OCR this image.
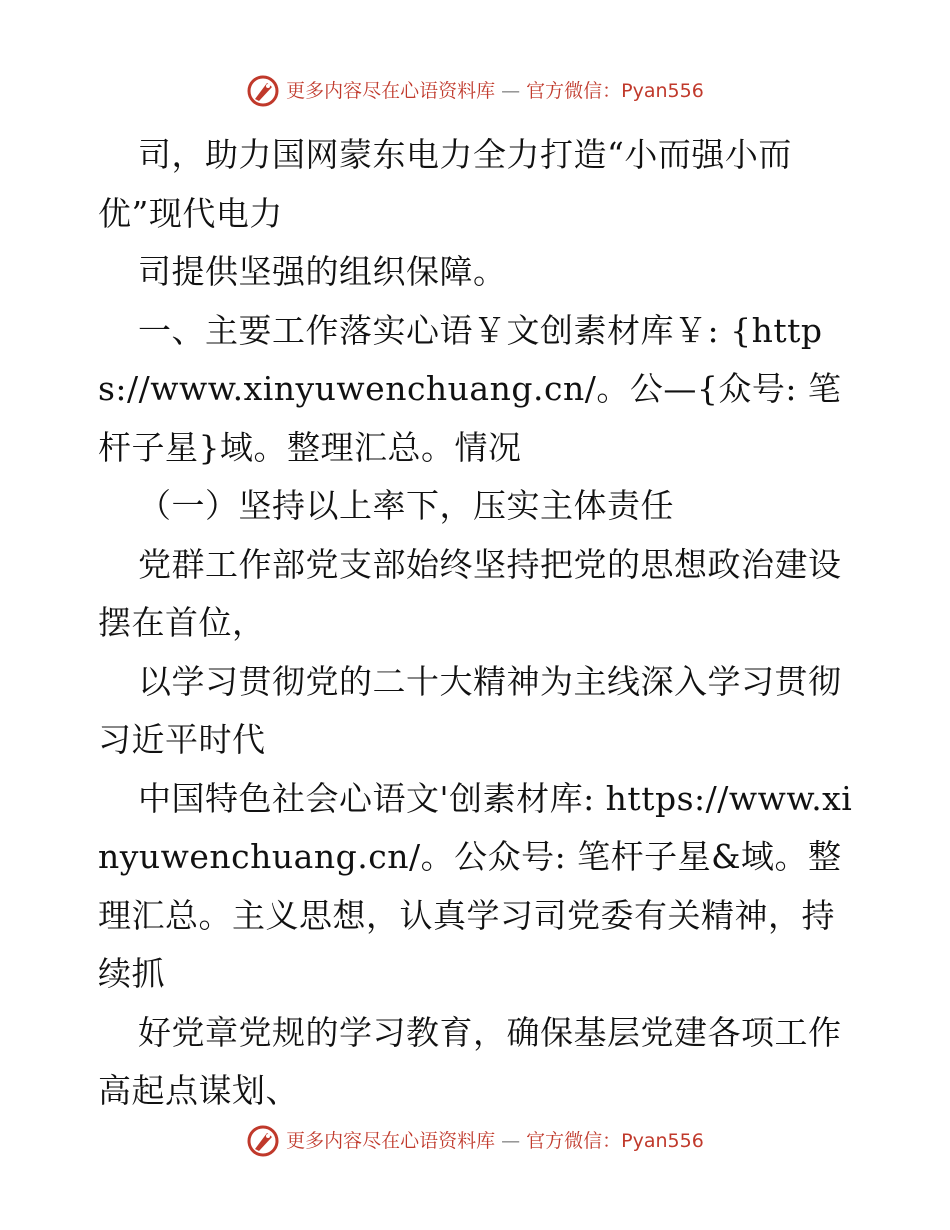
更多内容尽在心语资料库 — 官方微信：Pyan556

司，助力国网蒙东电力全力打造“小而强小而优”现代电力

司提供坚强的组织保障。

一、主要工作落实心语￥文创素材库￥: {https://www.xinyuwenchuang.cn/。公—{众号: 笔杆子星}域。整理汇总。情况

（一）坚持以上率下，压实主体责任

党群工作部党支部始终坚持把党的思想政治建设摆在首位，

以学习贯彻党的二十大精神为主线深入学习贯彻习近平时代

中国特色社会心语文'创素材库: https://www.xinyuwenchuang.cn/。公众号: 笔杆子星&域。整理汇总。主义思想，认真学习司党委有关精神，持续抓

好党章党规的学习教育，确保基层党建各项工作高起点谋划、

更多内容尽在心语资料库 — 官方微信：Pyan556
